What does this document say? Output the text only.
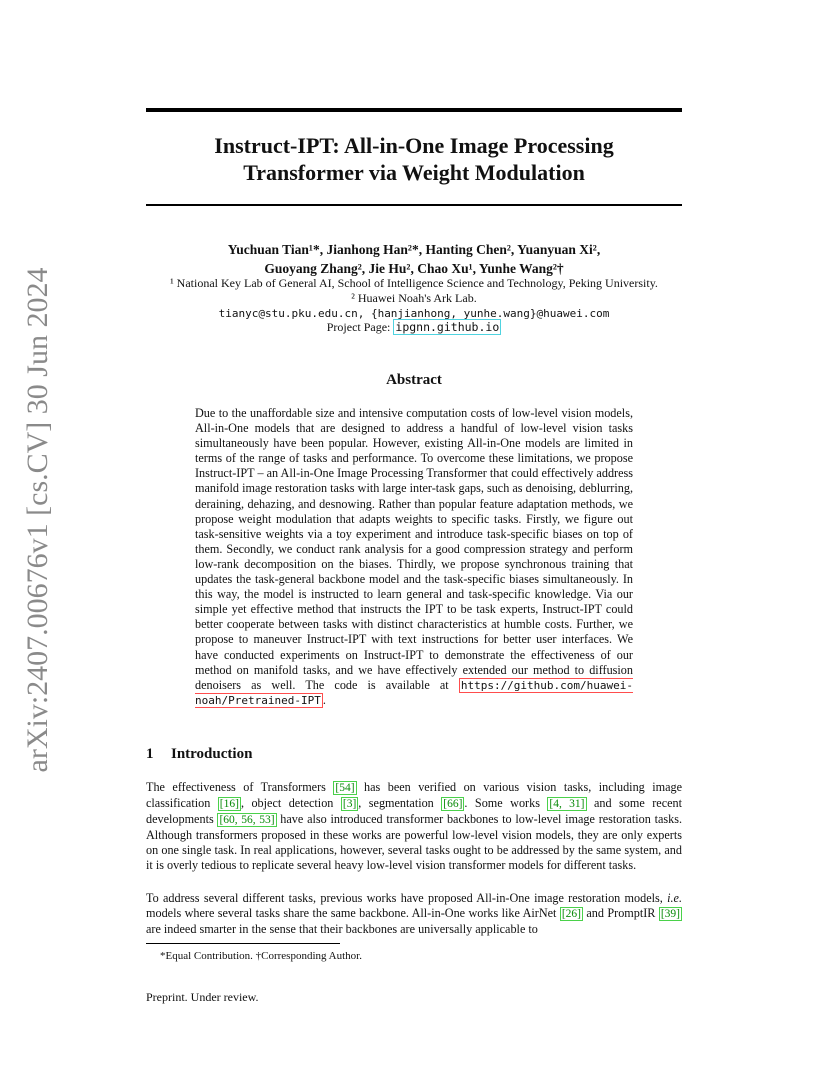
arXiv:2407.00676v1 [cs.CV] 30 Jun 2024
Instruct-IPT: All-in-One Image Processing
Transformer via Weight Modulation
Yuchuan Tian¹*, Jianhong Han²*, Hanting Chen², Yuanyuan Xi²,
Guoyang Zhang², Jie Hu², Chao Xu¹, Yunhe Wang²†
¹ National Key Lab of General AI, School of Intelligence Science and Technology, Peking University.
² Huawei Noah's Ark Lab.
tianyc@stu.pku.edu.cn, {hanjianhong, yunhe.wang}@huawei.com
Project Page: ipgnn.github.io
Abstract
Due to the unaffordable size and intensive computation costs of low-level vision models, All-in-One models that are designed to address a handful of low-level vision tasks simultaneously have been popular. However, existing All-in-One models are limited in terms of the range of tasks and performance. To overcome these limitations, we propose Instruct-IPT – an All-in-One Image Processing Transformer that could effectively address manifold image restoration tasks with large inter-task gaps, such as denoising, deblurring, deraining, dehazing, and desnowing. Rather than popular feature adaptation methods, we propose weight modulation that adapts weights to specific tasks. Firstly, we figure out task-sensitive weights via a toy experiment and introduce task-specific biases on top of them. Secondly, we conduct rank analysis for a good compression strategy and perform low-rank decomposition on the biases. Thirdly, we propose synchronous training that updates the task-general backbone model and the task-specific biases simultaneously. In this way, the model is instructed to learn general and task-specific knowledge. Via our simple yet effective method that instructs the IPT to be task experts, Instruct-IPT could better cooperate between tasks with distinct characteristics at humble costs. Further, we propose to maneuver Instruct-IPT with text instructions for better user interfaces. We have conducted experiments on Instruct-IPT to demonstrate the effectiveness of our method on manifold tasks, and we have effectively extended our method to diffusion denoisers as well. The code is available at https://github.com/huawei-noah/Pretrained-IPT .
1 Introduction
The effectiveness of Transformers [54] has been verified on various vision tasks, including image classification [16] , object detection [3] , segmentation [66] . Some works [4, 31] and some recent developments [60, 56, 53] have also introduced transformer backbones to low-level image restoration tasks. Although transformers proposed in these works are powerful low-level vision models, they are only experts on one single task. In real applications, however, several tasks ought to be addressed by the same system, and it is overly tedious to replicate several heavy low-level vision transformer models for different tasks.
To address several different tasks, previous works have proposed All-in-One image restoration models, i.e. models where several tasks share the same backbone. All-in-One works like AirNet [26] and PromptIR [39] are indeed smarter in the sense that their backbones are universally applicable to
*Equal Contribution. †Corresponding Author.
Preprint. Under review.
